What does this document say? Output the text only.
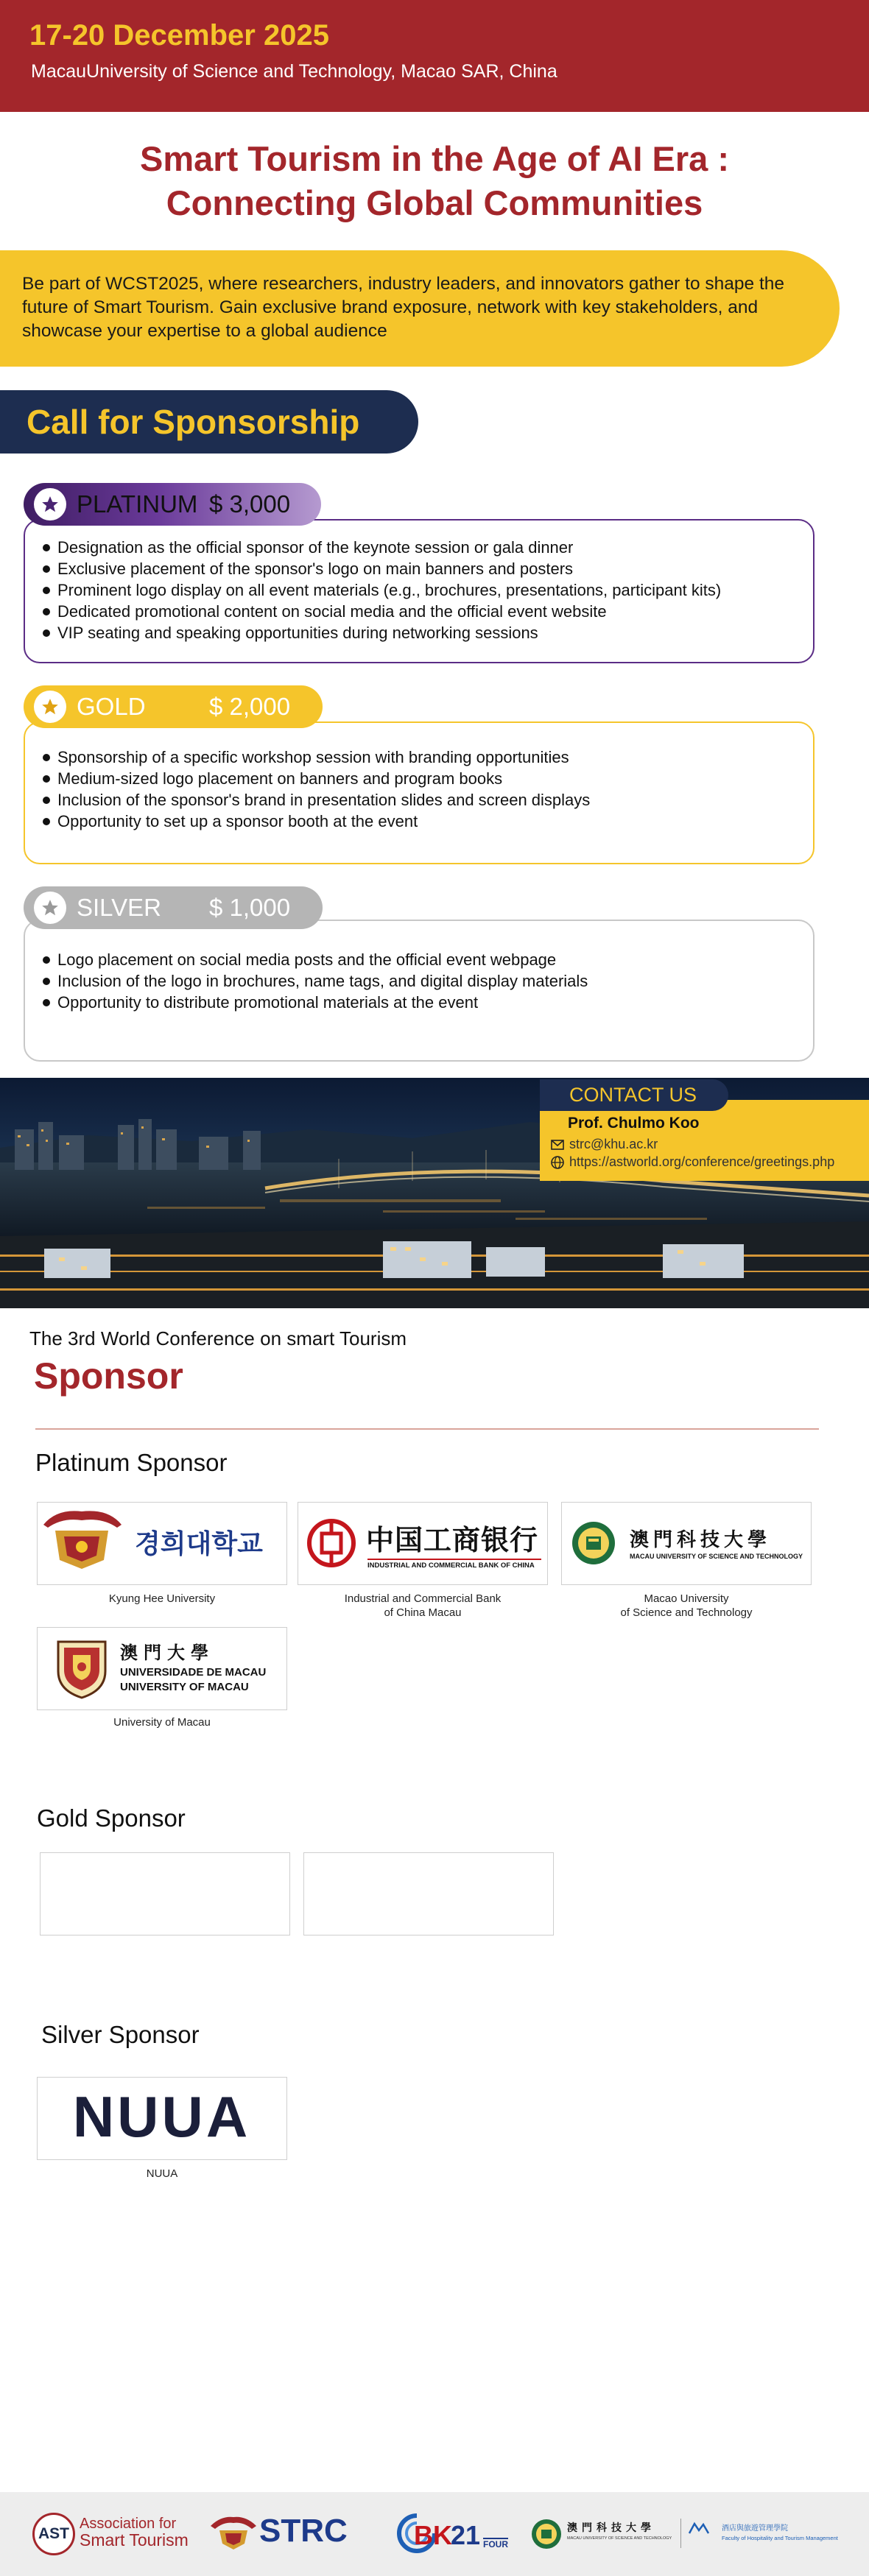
17-20 December 2025
MacauUniversity of Science and Technology, Macao SAR, China
Smart Tourism in the Age of AI Era :
Connecting Global Communities
Be part of WCST2025, where researchers, industry leaders, and innovators gather to shape the future of Smart Tourism. Gain exclusive brand exposure, network with key stakeholders, and showcase your expertise to a global audience
Call for Sponsorship
Designation as the official sponsor of the keynote session or gala dinner
Exclusive placement of the sponsor's logo on main banners and posters
Prominent logo display on all event materials (e.g., brochures, presentations, participant kits)
Dedicated promotional content on social media and the official event website
VIP seating and speaking opportunities during networking sessions
PLATINUM $ 3,000
Sponsorship of a specific workshop session with branding opportunities
Medium-sized logo placement on banners and program books
Inclusion of the sponsor's brand in presentation slides and screen displays
Opportunity to set up a sponsor booth at the event
GOLD	$ 2,000
Logo placement on social media posts and the official event webpage
Inclusion of the logo in brochures, name tags, and digital display materials
Opportunity to distribute promotional materials at the event
SILVER	$ 1,000
Prof. Chulmo Koo
strc@khu.ac.kr
https://astworld.org/conference/greetings.php
CONTACT US
The 3rd World Conference on smart Tourism
Sponsor
Platinum Sponsor
경희대학교
Kyung Hee University
中国工商银行
INDUSTRIAL AND COMMERCIAL BANK OF CHINA
Industrial and Commercial Bank
of China Macau
澳門科技大學
MACAU UNIVERSITY OF SCIENCE AND TECHNOLOGY
Macao University
of Science and Technology
澳門大學
UNIVERSIDADE DE MACAU
UNIVERSITY OF MACAU
University of Macau
Gold Sponsor
Silver Sponsor
NUUA
NUUA
AST
Association for
Smart Tourism STRC	BK
21 FOUR
澳門科技大學
MACAU UNIVERSITY OF SCIENCE AND TECHNOLOGY
酒店與旅遊管理學院
Faculty of Hospitality and Tourism Management
